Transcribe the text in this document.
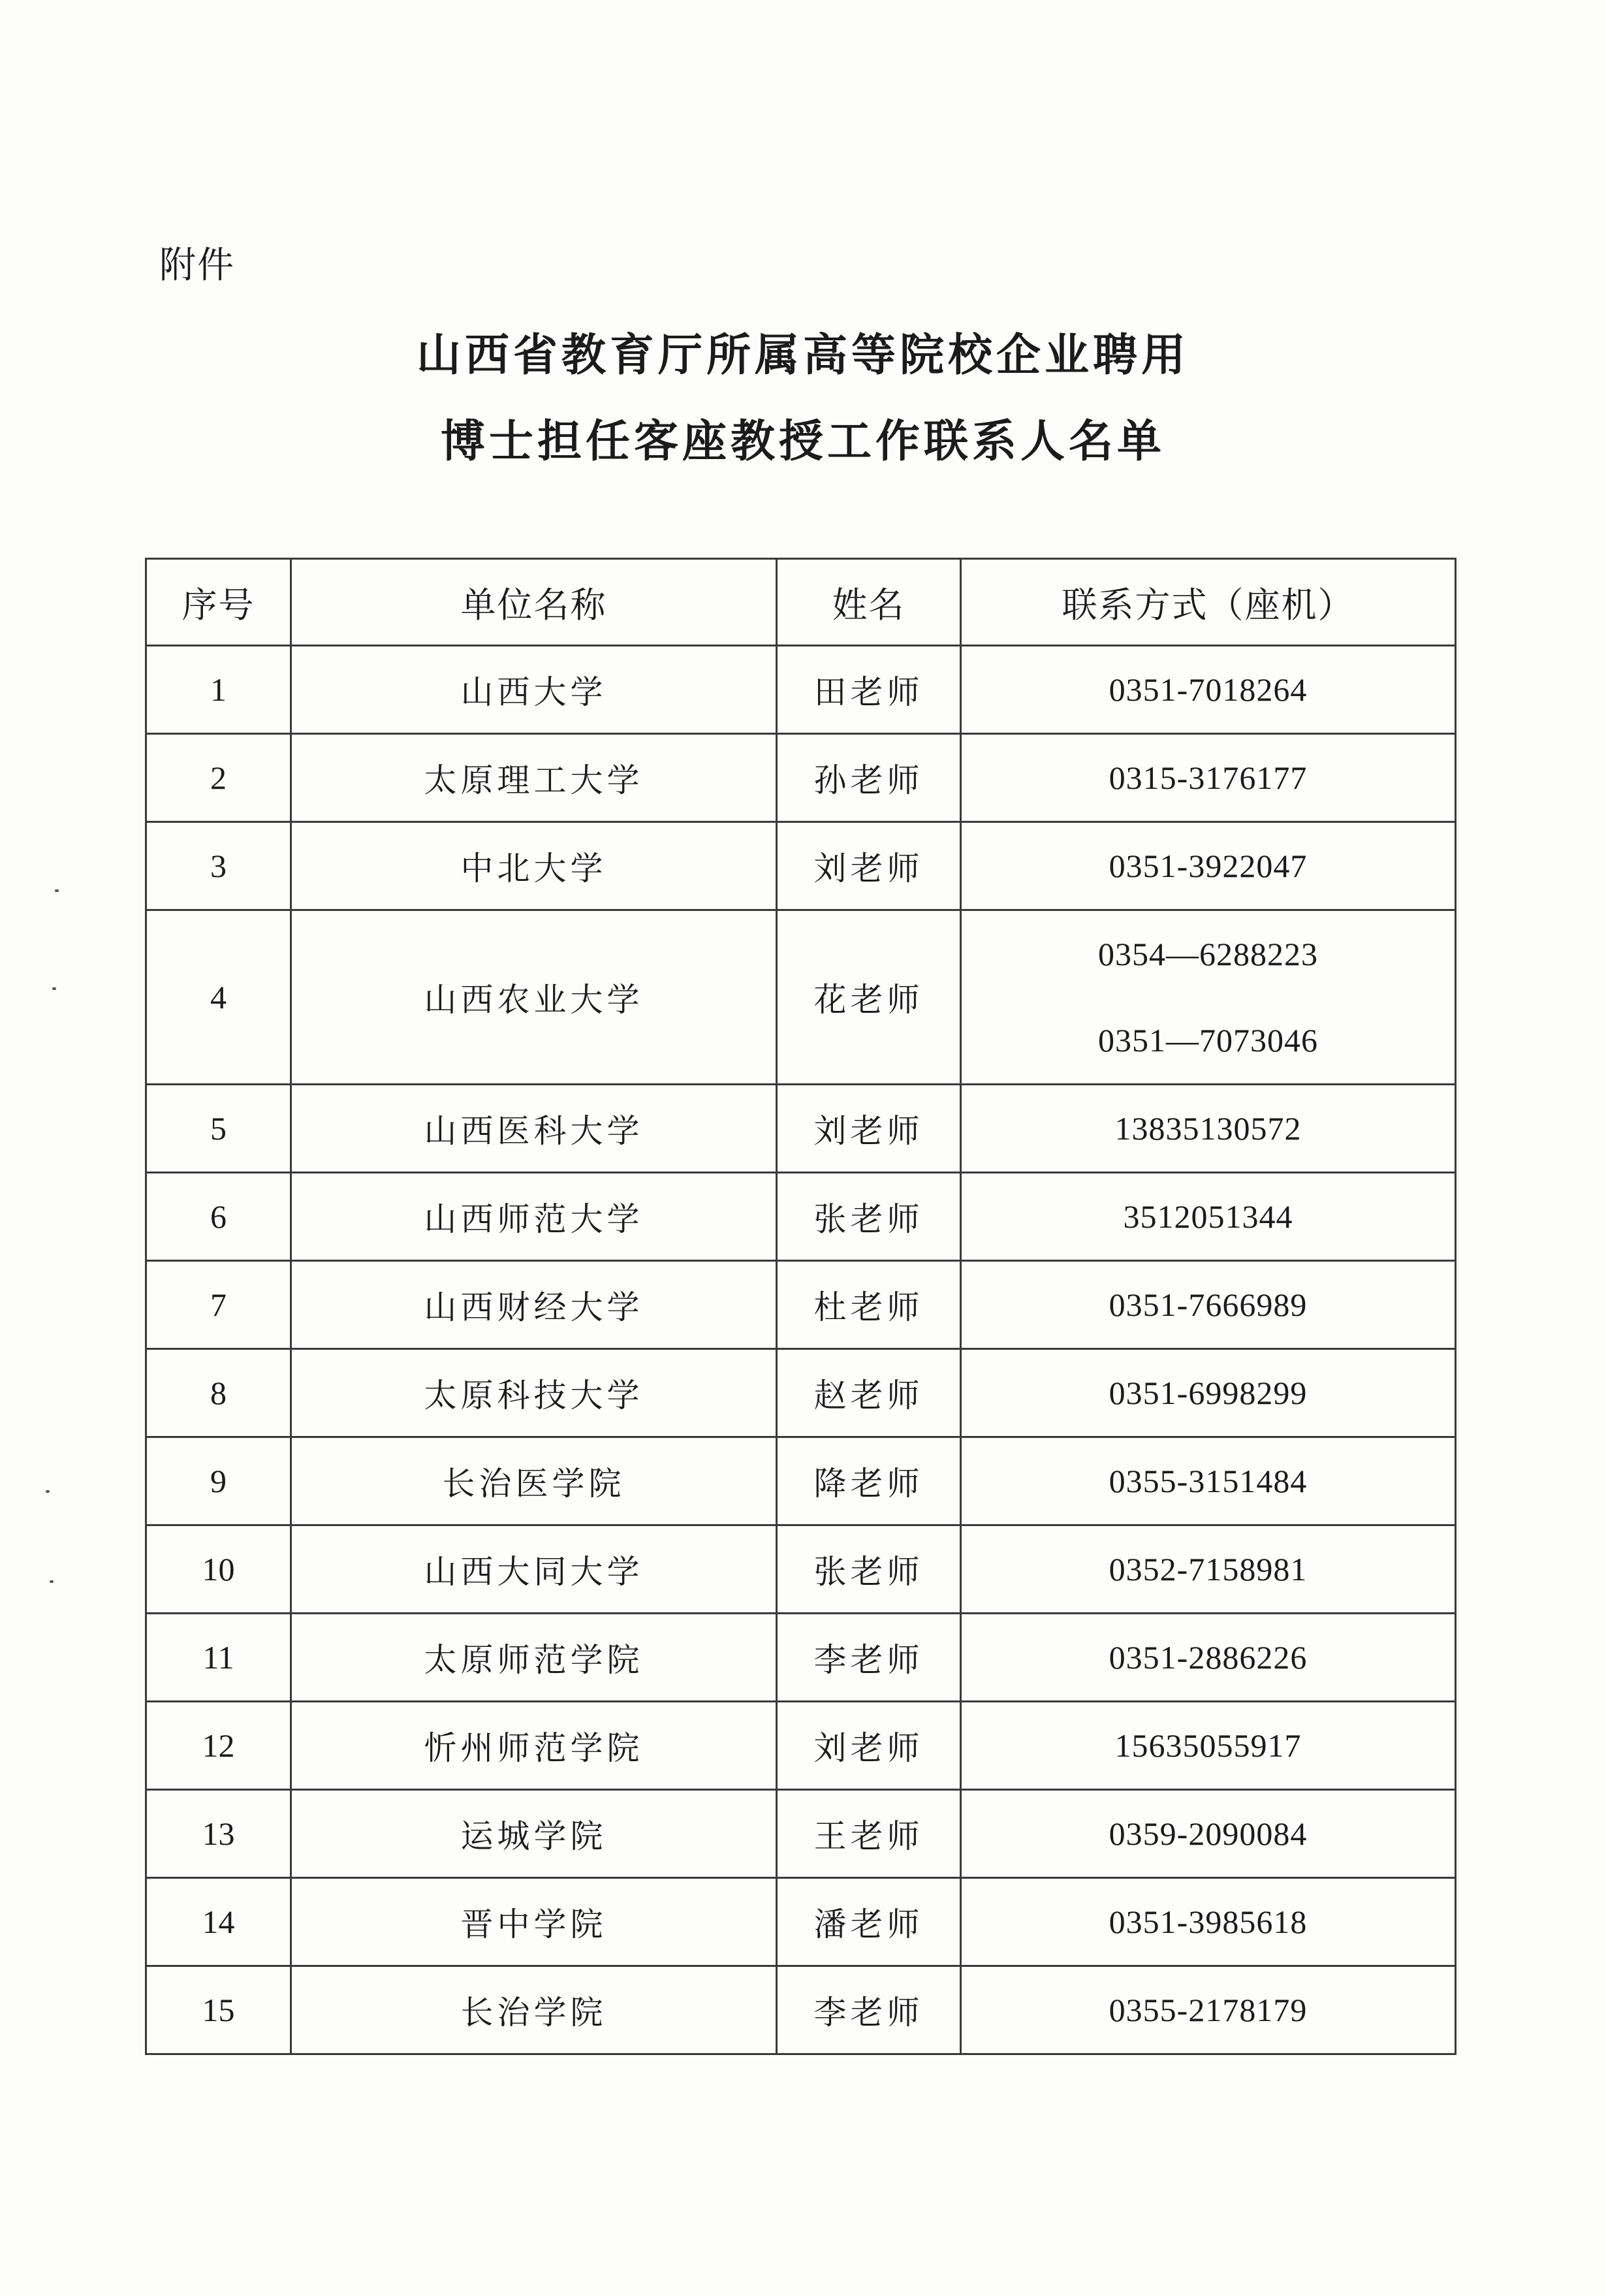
附件
山西省教育厅所属高等院校企业聘用
博士担任客座教授工作联系人名单
序号	单位名称	姓名	联系方式（座机）
1	山西大学	田老师	0351-7018264

2	太原理工大学	孙老师	0315-3176177

3	中北大学	刘老师	0351-3922047

4	山西农业大学	花老师	0354—6288223
0351—7073046

5	山西医科大学	刘老师	13835130572

6	山西师范大学	张老师	3512051344

7	山西财经大学	杜老师	0351-7666989

8	太原科技大学	赵老师	0351-6998299

9	长治医学院	降老师	0355-3151484

10	山西大同大学	张老师	0352-7158981

11	太原师范学院	李老师	0351-2886226

12	忻州师范学院	刘老师	15635055917

13	运城学院	王老师	0359-2090084

14	晋中学院	潘老师	0351-3985618

15	长治学院	李老师	0355-2178179
